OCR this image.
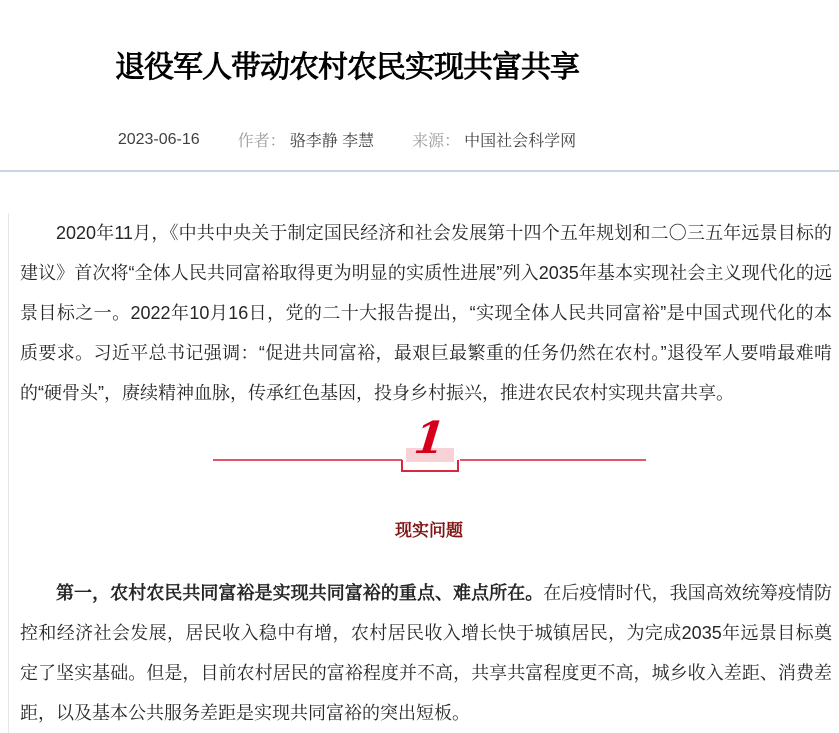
退役军人带动农村农民实现共富共享
2023-06-16 作者： 骆李静 李慧 来源： 中国社会科学网

2020年11月，《中共中央关于制定国民经济和社会发展第十四个五年规划和二〇三五年远景目标的建议》首次将“全体人民共同富裕取得更为明显的实质性进展”列入2035年基本实现社会主义现代化的远景目标之一。2022年10月16日，党的二十大报告提出，“实现全体人民共同富裕”是中国式现代化的本质要求。习近平总书记强调：“促进共同富裕，最艰巨最繁重的任务仍然在农村。”退役军人要啃最难啃的“硬骨头”，赓续精神血脉，传承红色基因，投身乡村振兴，推进农民农村实现共富共享。

1
现实问题

第一，农村农民共同富裕是实现共同富裕的重点、难点所在。在后疫情时代，我国高效统筹疫情防控和经济社会发展，居民收入稳中有增，农村居民收入增长快于城镇居民，为完成2035年远景目标奠定了坚实基础。但是，目前农村居民的富裕程度并不高，共享共富程度更不高，城乡收入差距、消费差距，以及基本公共服务差距是实现共同富裕的突出短板。
